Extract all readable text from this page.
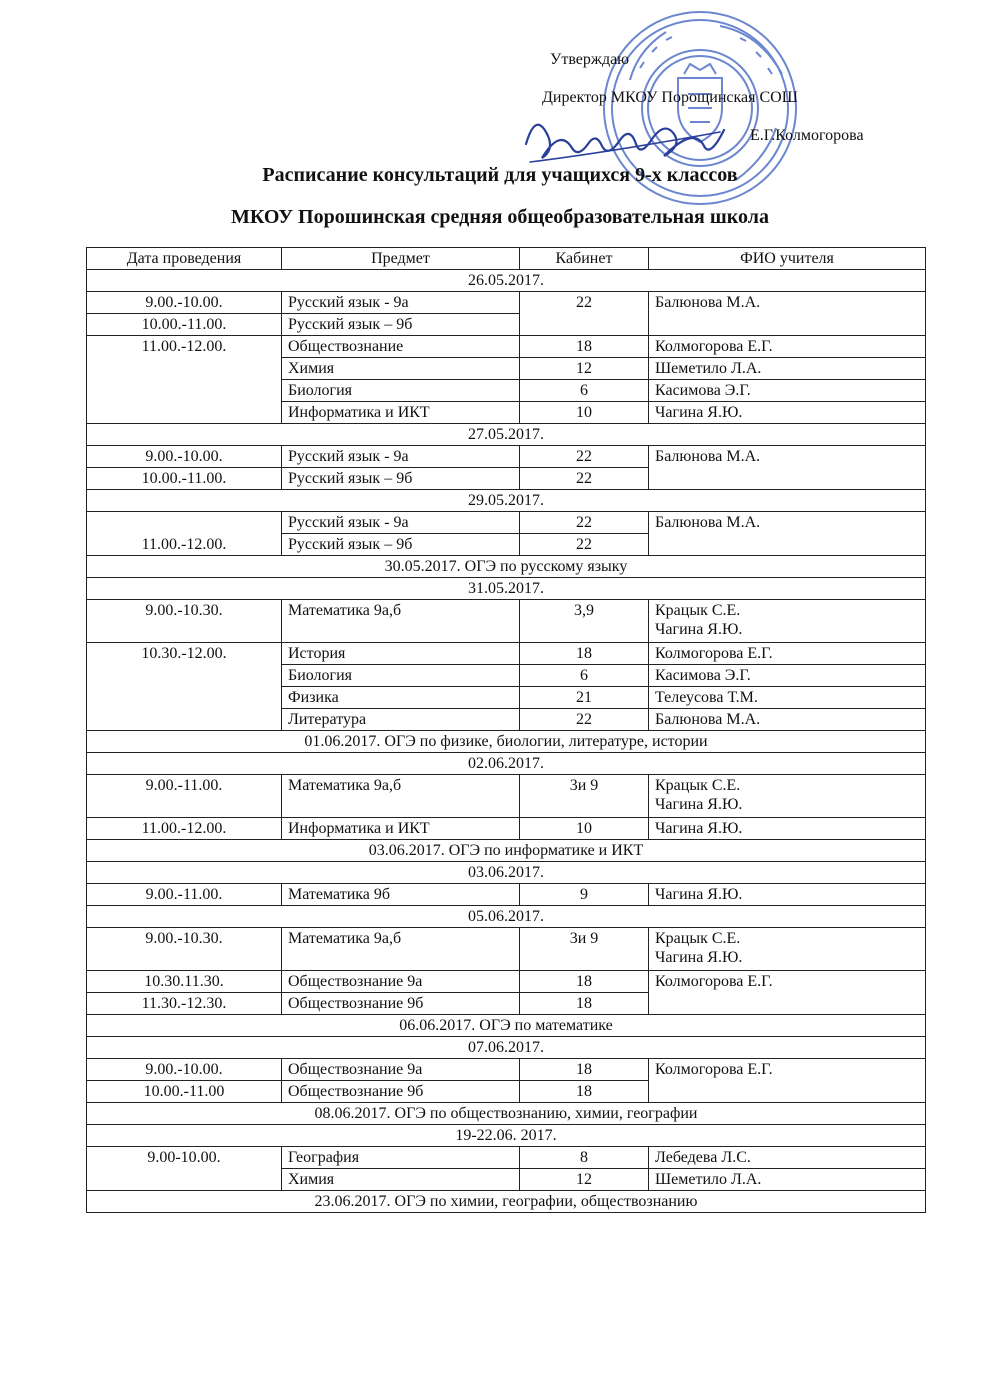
Утверждаю
Директор МКОУ Порощинская СОШ
Е.Г.Колмогорова
Расписание консультаций для учащихся 9-х классов
МКОУ Порошинская средняя общеобразовательная школа
Дата проведения	Предмет	Кабинет	ФИО учителя
26.05.2017.			
9.00.-10.00.	Русский язык - 9а	22	Балюнова М.А.

10.00.-11.00.	Русский язык – 9б		
11.00.-12.00.	Обществознание	18	Колмогорова Е.Г.

	Химия	12	Шеметило Л.А.

	Биология	6	Касимова Э.Г.

	Информатика и ИКТ	10	Чагина Я.Ю.

27.05.2017.			
9.00.-10.00.	Русский язык - 9а	22	Балюнова М.А.

10.00.-11.00.	Русский язык – 9б	22	
29.05.2017.			
11.00.-12.00.	Русский язык - 9а	22	Балюнова М.А.

	Русский язык – 9б	22	
30.05.2017. ОГЭ по русскому языку			
31.05.2017.			
9.00.-10.30.	Математика 9а,б	3,9	Крацык С.Е.
Чагина Я.Ю.

10.30.-12.00.	История	18	Колмогорова Е.Г.

	Биология	6	Касимова Э.Г.

	Физика	21	Телеусова Т.М.

	Литература	22	Балюнова М.А.

01.06.2017. ОГЭ по физике, биологии, литературе, истории			
02.06.2017.			
9.00.-11.00.	Математика 9а,б	3и 9	Крацык С.Е.
Чагина Я.Ю.

11.00.-12.00.	Информатика и ИКТ	10	Чагина Я.Ю.

03.06.2017. ОГЭ по информатике и ИКТ			
03.06.2017.			
9.00.-11.00.	Математика 9б	9	Чагина Я.Ю.

05.06.2017.			
9.00.-10.30.	Математика 9а,б	3и 9	Крацык С.Е.
Чагина Я.Ю.

10.30.11.30.	Обществознание 9а	18	Колмогорова Е.Г.

11.30.-12.30.	Обществознание 9б	18	
06.06.2017. ОГЭ по математике			
07.06.2017.			
9.00.-10.00.	Обществознание 9а	18	Колмогорова Е.Г.

10.00.-11.00	Обществознание 9б	18	
08.06.2017. ОГЭ по обществознанию, химии, географии			
19-22.06. 2017.			
9.00-10.00.	География	8	Лебедева Л.С.

	Химия	12	Шеметило Л.А.

23.06.2017. ОГЭ по химии, географии, обществознанию			
